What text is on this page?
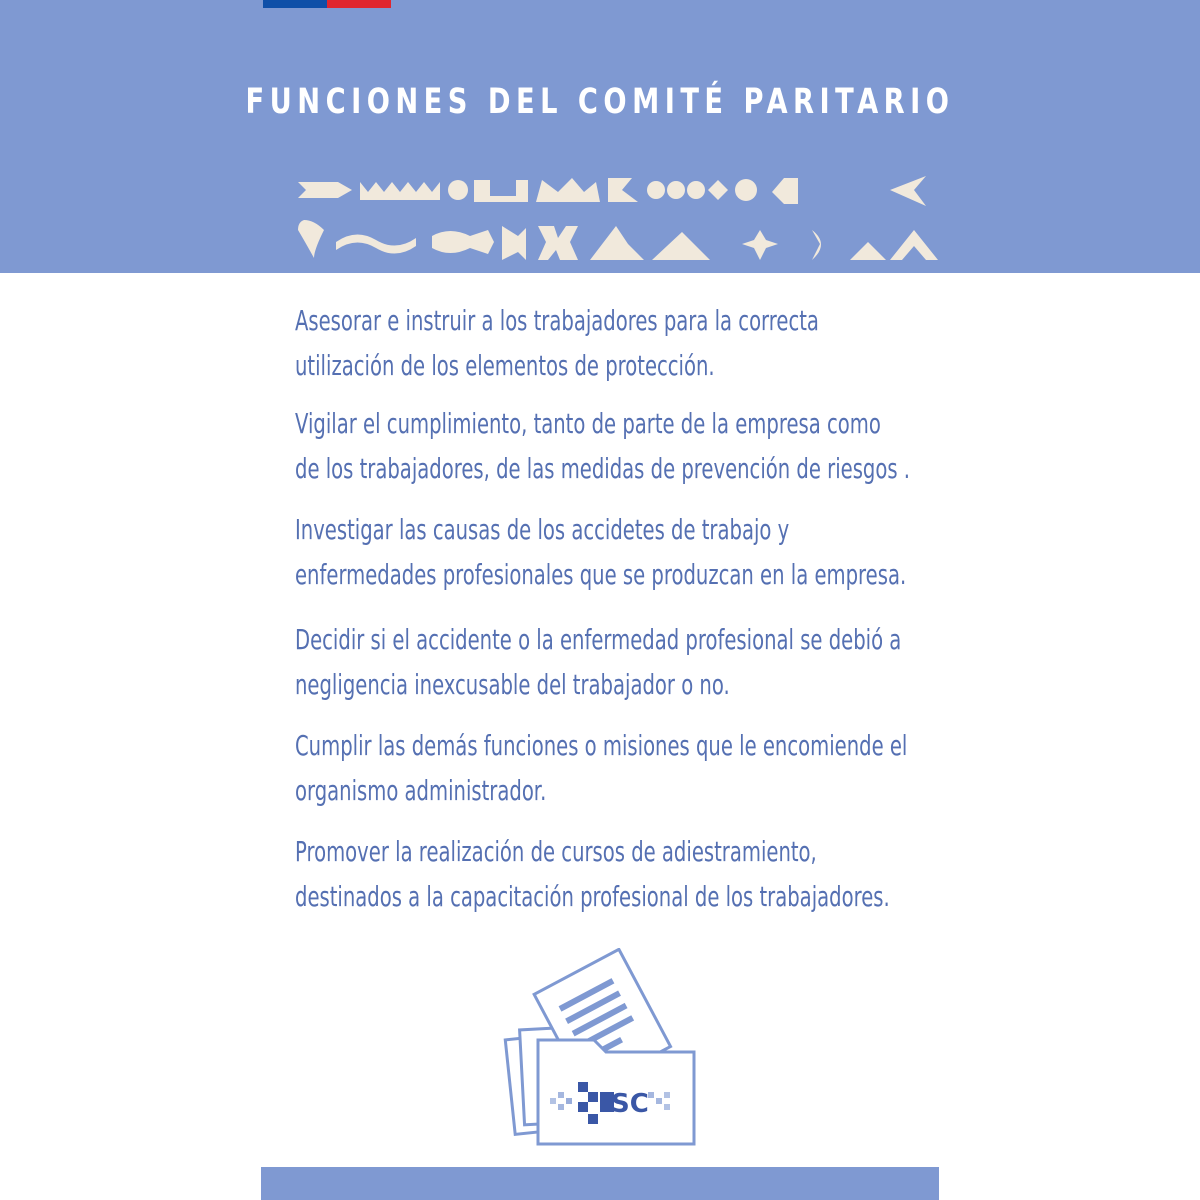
FUNCIONES DEL COMITÉ PARITARIO

Asesorar e instruir a los trabajadores para la correcta utilización de los elementos de protección.

Vigilar el cumplimiento, tanto de parte de la empresa como de los trabajadores, de las medidas de prevención de riesgos .

Investigar las causas de los accidetes de trabajo y enfermedades profesionales que se produzcan en la empresa.

Decidir si el accidente o la enfermedad profesional se debió a negligencia inexcusable del trabajador o no.

Cumplir las demás funciones o misiones que le encomiende el organismo administrador.

Promover la realización de cursos de adiestramiento, destinados a la capacitación profesional de los trabajadores.

SC
